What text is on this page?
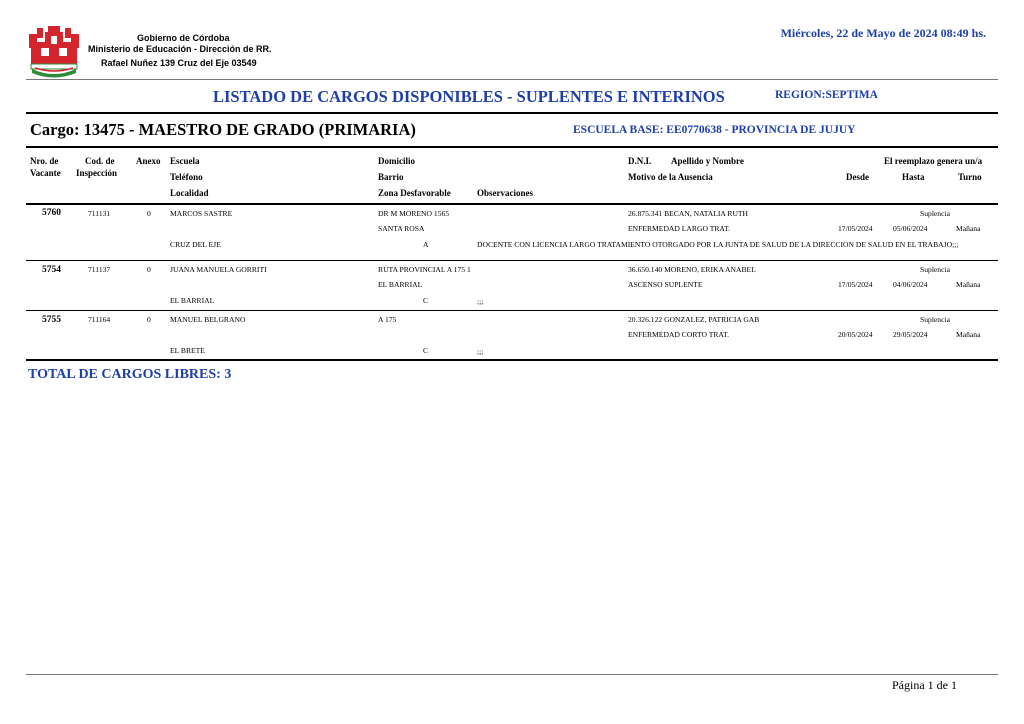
Gobierno de Córdoba
Ministerio de Educación - Dirección de RR.
Rafael Nuñez 139 Cruz del Eje 03549
Miércoles, 22 de Mayo de 2024 08:49 hs.
LISTADO DE CARGOS DISPONIBLES - SUPLENTES E INTERINOS	REGION:SEPTIMA
Cargo: 13475 - MAESTRO DE GRADO (PRIMARIA)	ESCUELA BASE: EE0770638 - PROVINCIA DE JUJUY
Nro. de
Vacante
Cod. de
Inspección
Anexo Escuela
Teléfono
Localidad
Domicilio
Barrio
Zona Desfavorable	Observaciones
D.N.I. Apellido y Nombre
Motivo de la Ausencia
El reemplazo genera un/a
Desde	Hasta	Turno
5760	711131	0	MARCOS SASTRE	DR M MORENO 1565	26.875.341 BECAN, NATALIA RUTH	Suplencia
SANTA ROSA	ENFERMEDAD LARGO TRAT.	17/05/2024	05/06/2024	Mañana
CRUZ DEL EJE	A	DOCENTE CON LICENCIA LARGO TRATAMIENTO OTORGADO POR LA JUNTA DE SALUD DE LA DIRECCION DE SALUD EN EL TRABAJO;;;
5754	711137	0	JUANA MANUELA GORRITI	RUTA PROVINCIAL A 175 1	36.650.140 MORENO, ERIKA ANABEL	Suplencia
EL BARRIAL	ASCENSO SUPLENTE	17/05/2024	04/06/2024	Mañana
EL BARRIAL	C	;;;
5755	711164	0	MANUEL BELGRANO	A 175	20.326.122 GONZALEZ, PATRICIA GAB	Suplencia
ENFERMEDAD CORTO TRAT.	20/05/2024	29/05/2024	Mañana
EL BRETE	C	;;;
TOTAL DE CARGOS LIBRES: 3
Página 1 de 1
